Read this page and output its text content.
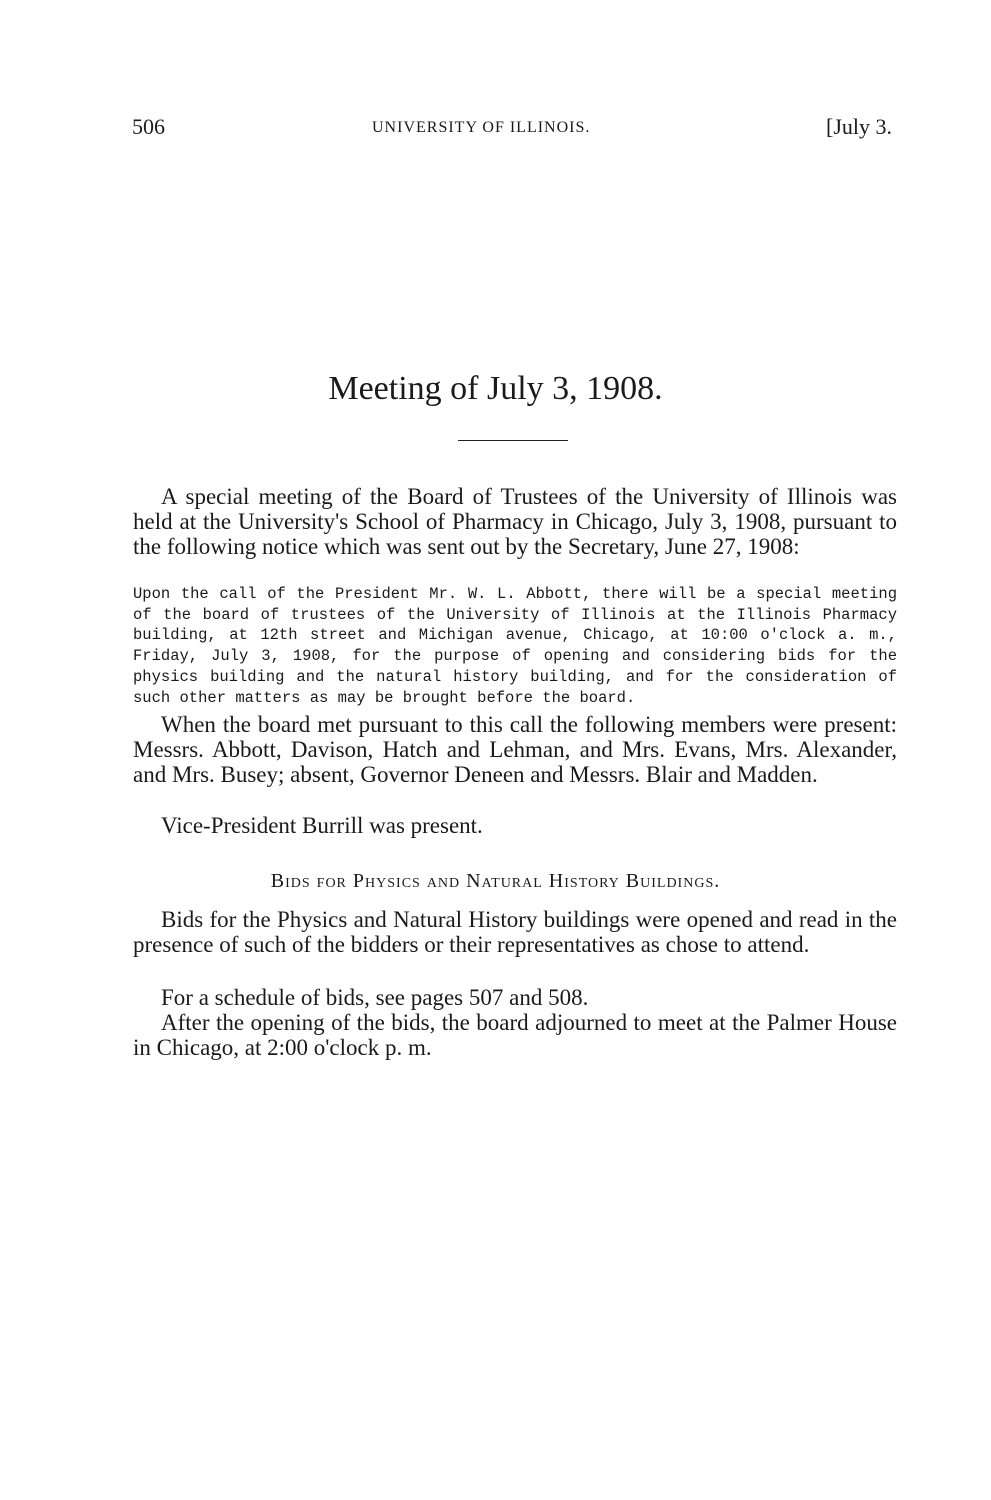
506	UNIVERSITY OF ILLINOIS.	[July 3.
Meeting of July 3, 1908.

A special meeting of the Board of Trustees of the University of Illinois was held at the University's School of Pharmacy in Chicago, July 3, 1908, pursuant to the following notice which was sent out by the Secretary, June 27, 1908:

Upon the call of the President Mr. W. L. Abbott, there will be a special meeting of the board of trustees of the University of Illinois at the Illinois Pharmacy building, at 12th street and Michigan avenue, Chicago, at 10:00 o'clock a. m., Friday, July 3, 1908, for the purpose of opening and considering bids for the physics building and the natural history building, and for the consideration of such other matters as may be brought before the board.

When the board met pursuant to this call the following members were present: Messrs. Abbott, Davison, Hatch and Lehman, and Mrs. Evans, Mrs. Alexander, and Mrs. Busey; absent, Governor Deneen and Messrs. Blair and Madden.

Vice-President Burrill was present.

Bids for Physics and Natural History Buildings.

Bids for the Physics and Natural History buildings were opened and read in the presence of such of the bidders or their representatives as chose to attend.

For a schedule of bids, see pages 507 and 508.

After the opening of the bids, the board adjourned to meet at the Palmer House in Chicago, at 2:00 o'clock p. m.
